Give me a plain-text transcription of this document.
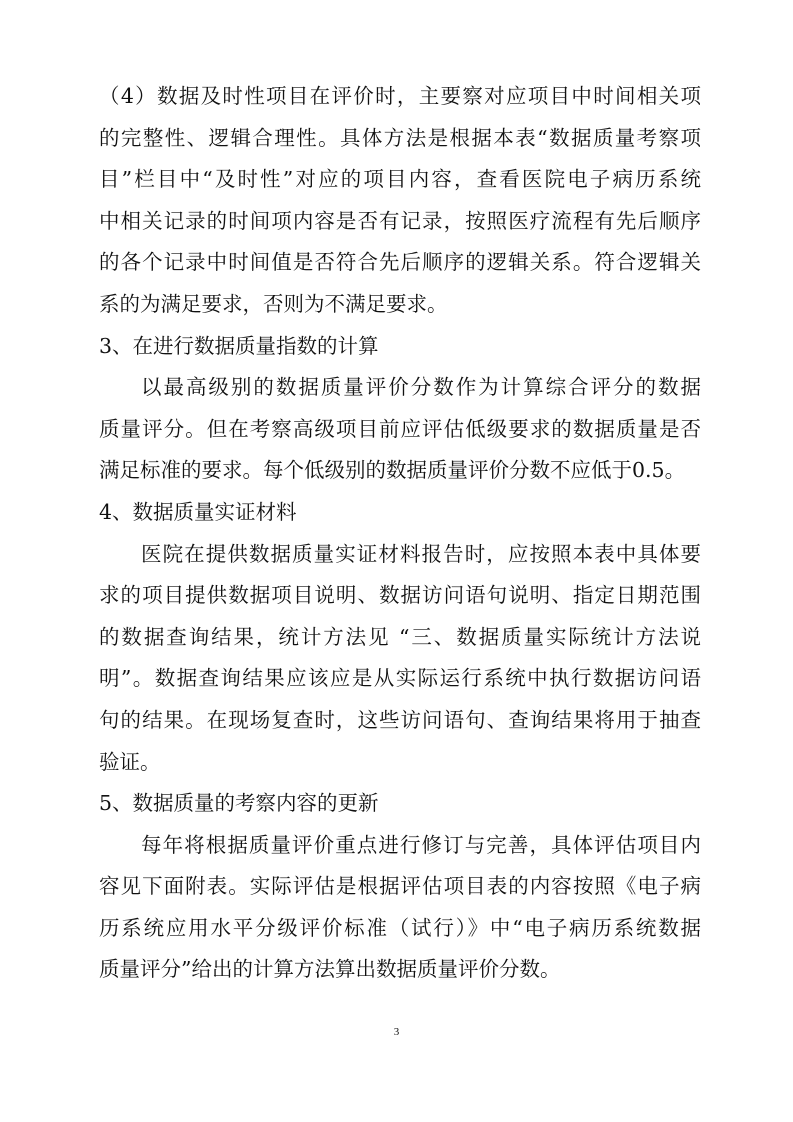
（4）数据及时性项目在评价时，主要察对应项目中时间相关项
的完整性、逻辑合理性。具体方法是根据本表“数据质量考察项
目”栏目中“及时性”对应的项目内容，查看医院电子病历系统
中相关记录的时间项内容是否有记录，按照医疗流程有先后顺序
的各个记录中时间值是否符合先后顺序的逻辑关系。符合逻辑关
系的为满足要求，否则为不满足要求。
3、在进行数据质量指数的计算
以最高级别的数据质量评价分数作为计算综合评分的数据
质量评分。但在考察高级项目前应评估低级要求的数据质量是否
满足标准的要求。每个低级别的数据质量评价分数不应低于0.5。
4、数据质量实证材料
医院在提供数据质量实证材料报告时，应按照本表中具体要
求的项目提供数据项目说明、数据访问语句说明、指定日期范围
的数据查询结果，统计方法见 “三、数据质量实际统计方法说
明”。数据查询结果应该应是从实际运行系统中执行数据访问语
句的结果。在现场复查时，这些访问语句、查询结果将用于抽查
验证。
5、数据质量的考察内容的更新
每年将根据质量评价重点进行修订与完善，具体评估项目内
容见下面附表。实际评估是根据评估项目表的内容按照《电子病
历系统应用水平分级评价标准（试行）》中“电子病历系统数据
质量评分”给出的计算方法算出数据质量评价分数。
3
